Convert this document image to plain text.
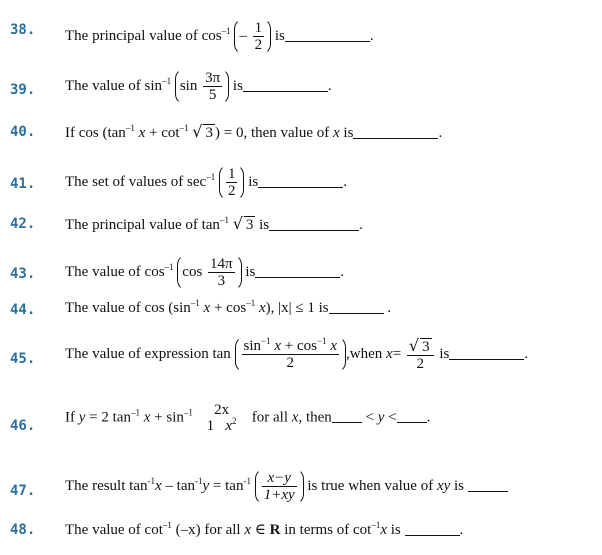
38. The principal value of $\cos^{-1} - \frac{1}{2}$ is	.
39. The value of $\sin^{-1} \sin \frac{3\pi}{5}$ is	.
40. If $\cos (\tan^{-1}$ $x + \cot^{-1}$ √ 3 ) = 0, then value of x is	.
41. The set of values of $\sec^{-1} \frac{1}{2}$ is	.
42. The principal value of $\tan^{-1}$ √ 3 is	.
43. The value of $\cos^{-1} \cos \frac{14\pi}{3}$ is	.
44. The value of $\cos (\sin^{-1}$ $x + \cos^{-1} x$), |x| ≤ 1 is	.
45. The value of expression $\tan \frac{\sin^{-1} x + \cos^{-1} x}{2}$ ,when $x= \frac{√ 3}{2}$ is	.
46.
If y = 2 $\tan^{-1} x + \sin^{-1}$	2x
1 $x^2$ for all x, then < y < .
47. The result $\tan^{-1}x - \tan^{-1}y = \tan^{-1} \frac{x-y}{1+xy}$ is true when value of xy is
48. The value of $\cot^{-1} (-x)$ for all x ∈ R in terms of $\cot^{-1}x$ is	.
